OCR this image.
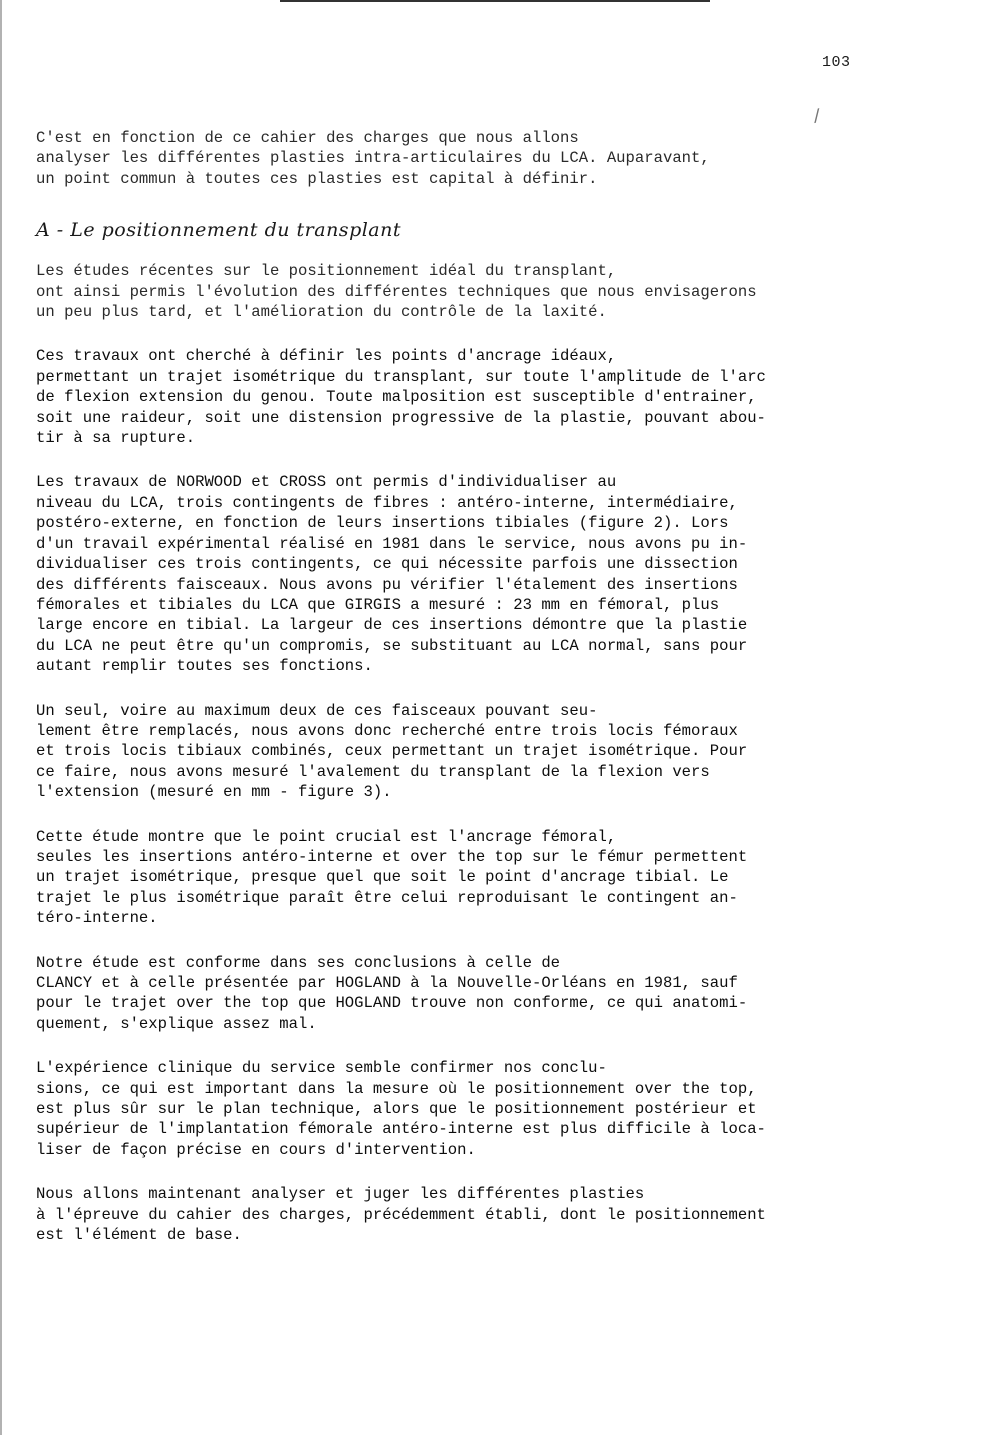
103
/

C'est en fonction de ce cahier des charges que nous allons
analyser les différentes plasties intra-articulaires du LCA. Auparavant,
un point commun à toutes ces plasties est capital à définir.

A - Le positionnement du transplant

Les études récentes sur le positionnement idéal du transplant,
ont ainsi permis l'évolution des différentes techniques que nous envisagerons
un peu plus tard, et l'amélioration du contrôle de la laxité.

Ces travaux ont cherché à définir les points d'ancrage idéaux,
permettant un trajet isométrique du transplant, sur toute l'amplitude de l'arc
de flexion extension du genou. Toute malposition est susceptible d'entrainer,
soit une raideur, soit une distension progressive de la plastie, pouvant abou-
tir à sa rupture.

Les travaux de NORWOOD et CROSS ont permis d'individualiser au
niveau du LCA, trois contingents de fibres : antéro-interne, intermédiaire,
postéro-externe, en fonction de leurs insertions tibiales (figure 2). Lors
d'un travail expérimental réalisé en 1981 dans le service, nous avons pu in-
dividualiser ces trois contingents, ce qui nécessite parfois une dissection
des différents faisceaux. Nous avons pu vérifier l'étalement des insertions
fémorales et tibiales du LCA que GIRGIS a mesuré : 23 mm en fémoral, plus
large encore en tibial. La largeur de ces insertions démontre que la plastie
du LCA ne peut être qu'un compromis, se substituant au LCA normal, sans pour
autant remplir toutes ses fonctions.

Un seul, voire au maximum deux de ces faisceaux pouvant seu-
lement être remplacés, nous avons donc recherché entre trois locis fémoraux
et trois locis tibiaux combinés, ceux permettant un trajet isométrique. Pour
ce faire, nous avons mesuré l'avalement du transplant de la flexion vers
l'extension (mesuré en mm - figure 3).

Cette étude montre que le point crucial est l'ancrage fémoral,
seules les insertions antéro-interne et over the top sur le fémur permettent
un trajet isométrique, presque quel que soit le point d'ancrage tibial. Le
trajet le plus isométrique paraît être celui reproduisant le contingent an-
téro-interne.

Notre étude est conforme dans ses conclusions à celle de
CLANCY et à celle présentée par HOGLAND à la Nouvelle-Orléans en 1981, sauf
pour le trajet over the top que HOGLAND trouve non conforme, ce qui anatomi-
quement, s'explique assez mal.

L'expérience clinique du service semble confirmer nos conclu-
sions, ce qui est important dans la mesure où le positionnement over the top,
est plus sûr sur le plan technique, alors que le positionnement postérieur et
supérieur de l'implantation fémorale antéro-interne est plus difficile à loca-
liser de façon précise en cours d'intervention.

Nous allons maintenant analyser et juger les différentes plasties
à l'épreuve du cahier des charges, précédemment établi, dont le positionnement
est l'élément de base.
